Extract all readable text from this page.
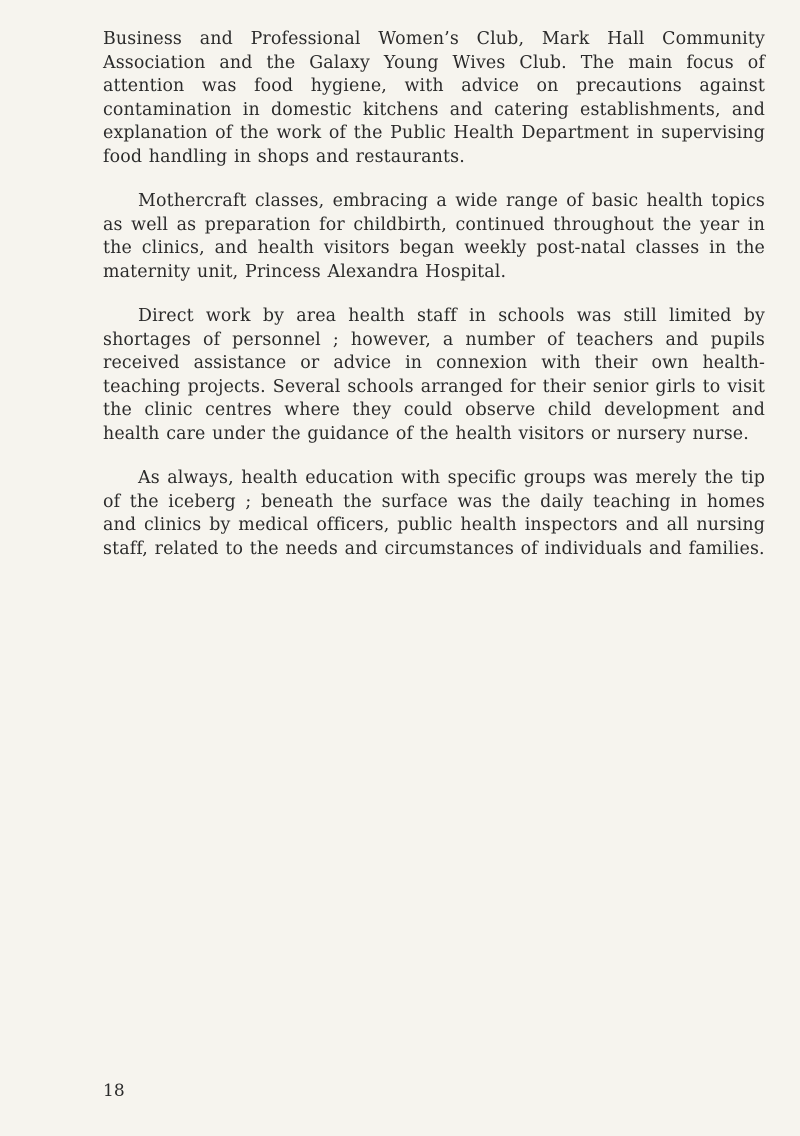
Business and Professional Women’s Club, Mark Hall Community Association and the Galaxy Young Wives Club. The main focus of attention was food hygiene, with advice on precautions against contamination in domestic kitchens and catering establishments, and explanation of the work of the Public Health Department in supervising food handling in shops and restaurants.

Mothercraft classes, embracing a wide range of basic health topics as well as preparation for childbirth, continued throughout the year in the clinics, and health visitors began weekly post-natal classes in the maternity unit, Princess Alexandra Hospital.

Direct work by area health staff in schools was still limited by shortages of personnel ; however, a number of teachers and pupils received assistance or advice in connexion with their own health-teaching projects. Several schools arranged for their senior girls to visit the clinic centres where they could observe child development and health care under the guidance of the health visitors or nursery nurse.

As always, health education with specific groups was merely the tip of the iceberg ; beneath the surface was the daily teaching in homes and clinics by medical officers, public health inspectors and all nursing staff, related to the needs and circumstances of individuals and families.

18
